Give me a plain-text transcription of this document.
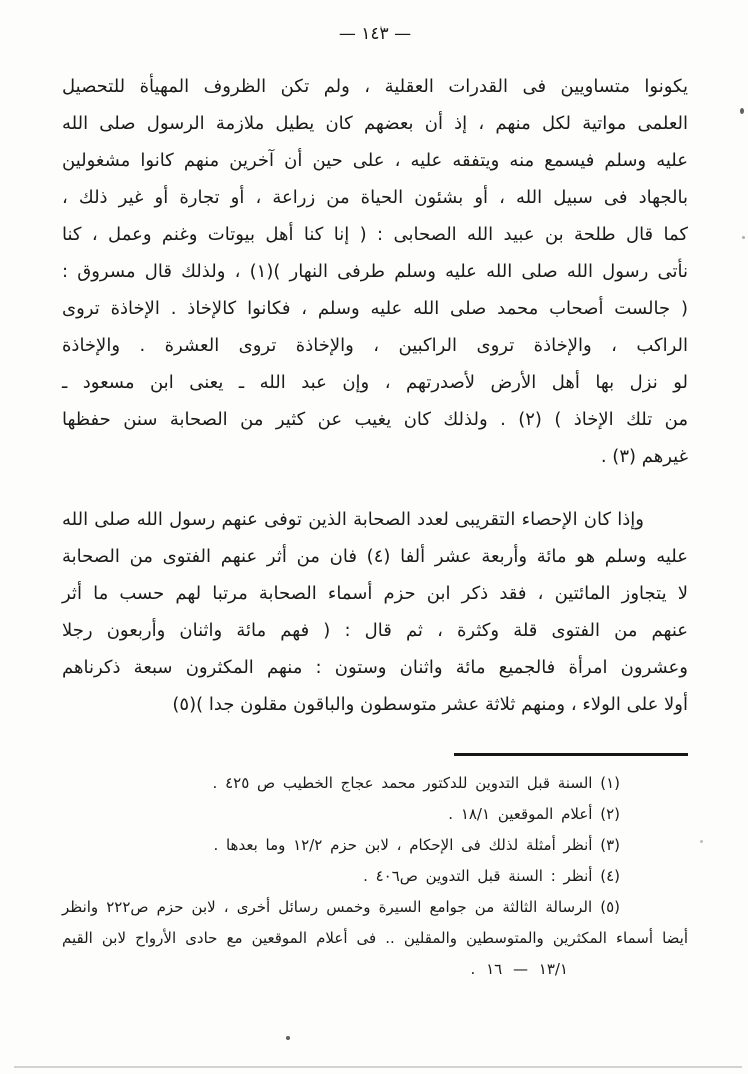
— ١٤٣ —
يكونوا متساويين فى القدرات العقلية ، ولم تكن الظروف المهيأة للتحصيل
العلمى مواتية لكل منهم ، إذ أن بعضهم كان يطيل ملازمة الرسول صلى الله
عليه وسلم فيسمع منه ويتفقه عليه ، على حين أن آخرين منهم كانوا مشغولين
بالجهاد فى سبيل الله ، أو بشئون الحياة من زراعة ، أو تجارة أو غير ذلك ،
كما قال طلحة بن عبيد الله الصحابى : ( إنا كنا أهل بيوتات وغنم وعمل ، كنا
نأتى رسول الله صلى الله عليه وسلم طرفى النهار )(١) ، ولذلك قال مسروق :
( جالست أصحاب محمد صلى الله عليه وسلم ، فكانوا كالإخاذ . الإخاذة تروى
الراكب ، والإخاذة تروى الراكبين ، والإخاذة تروى العشرة . والإخاذة
لو نزل بها أهل الأرض لأصدرتهم ، وإن عبد الله ـ يعنى ابن مسعود ـ
من تلك الإخاذ ) (٢) . ولذلك كان يغيب عن كثير من الصحابة سنن حفظها
غيرهم (٣) .
وإذا كان الإحصاء التقريبى لعدد الصحابة الذين توفى عنهم رسول الله صلى الله
عليه وسلم هو مائة وأربعة عشر ألفا (٤) فان من أثر عنهم الفتوى من الصحابة
لا يتجاوز المائتين ، فقد ذكر ابن حزم أسماء الصحابة مرتبا لهم حسب ما أثر
عنهم من الفتوى قلة وكثرة ، ثم قال : ( فهم مائة واثنان وأربعون رجلا
وعشرون امرأة فالجميع مائة واثنان وستون : منهم المكثرون سبعة ذكرناهم
أولا على الولاء ، ومنهم ثلاثة عشر متوسطون والباقون مقلون جدا )(٥)
(١) السنة قبل التدوين للدكتور محمد عجاج الخطيب ص ٤٢٥ .
(٢) أعلام الموقعين ١٨/١ .
(٣) أنظر أمثلة لذلك فى الإحكام ، لابن حزم ١٢/٢ وما بعدها .
(٤) أنظر : السنة قبل التدوين ص٤٠٦ .
(٥) الرسالة الثالثة من جوامع السيرة وخمس رسائل أخرى ، لابن حزم ص٢٢٢ وانظر
أيضا أسماء المكثرين والمتوسطين والمقلين .. فى أعلام الموقعين مع حادى الأرواح لابن القيم
١٣/١ — ١٦ .
